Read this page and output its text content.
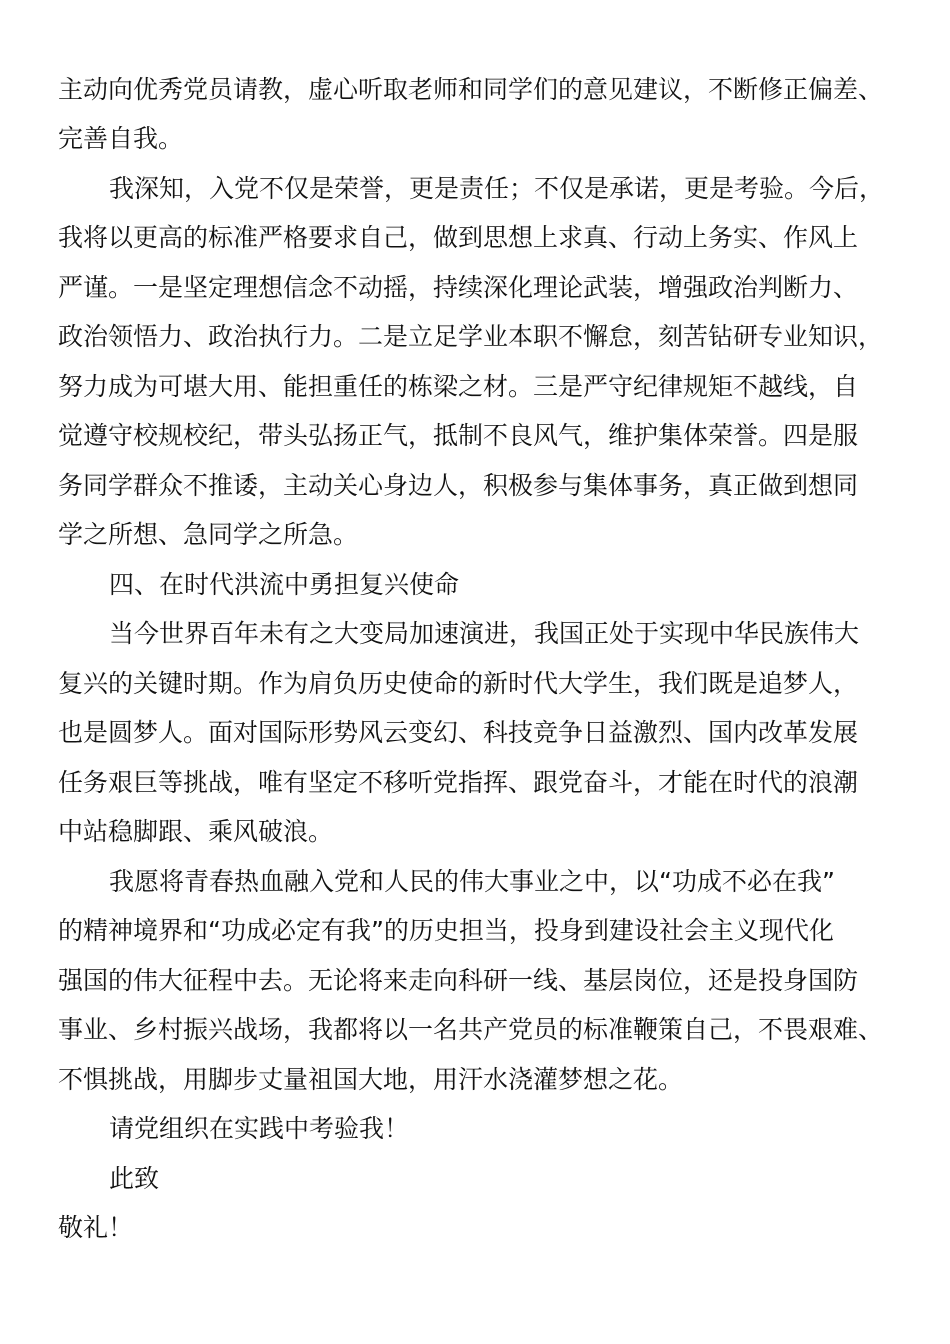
主动向优秀党员请教，虚心听取老师和同学们的意见建议，不断修正偏差、
完善自我。
我深知，入党不仅是荣誉，更是责任；不仅是承诺，更是考验。今后，
我将以更高的标准严格要求自己，做到思想上求真、行动上务实、作风上
严谨。一是坚定理想信念不动摇，持续深化理论武装，增强政治判断力、
政治领悟力、政治执行力。二是立足学业本职不懈怠，刻苦钻研专业知识，
努力成为可堪大用、能担重任的栋梁之材。三是严守纪律规矩不越线，自
觉遵守校规校纪，带头弘扬正气，抵制不良风气，维护集体荣誉。四是服
务同学群众不推诿，主动关心身边人，积极参与集体事务，真正做到想同
学之所想、急同学之所急。
四、在时代洪流中勇担复兴使命
当今世界百年未有之大变局加速演进，我国正处于实现中华民族伟大
复兴的关键时期。作为肩负历史使命的新时代大学生，我们既是追梦人，
也是圆梦人。面对国际形势风云变幻、科技竞争日益激烈、国内改革发展
任务艰巨等挑战，唯有坚定不移听党指挥、跟党奋斗，才能在时代的浪潮
中站稳脚跟、乘风破浪。
我愿将青春热血融入党和人民的伟大事业之中，以“功成不必在我”
的精神境界和“功成必定有我”的历史担当，投身到建设社会主义现代化
强国的伟大征程中去。无论将来走向科研一线、基层岗位，还是投身国防
事业、乡村振兴战场，我都将以一名共产党员的标准鞭策自己，不畏艰难、
不惧挑战，用脚步丈量祖国大地，用汗水浇灌梦想之花。
请党组织在实践中考验我！
此致
敬礼！
